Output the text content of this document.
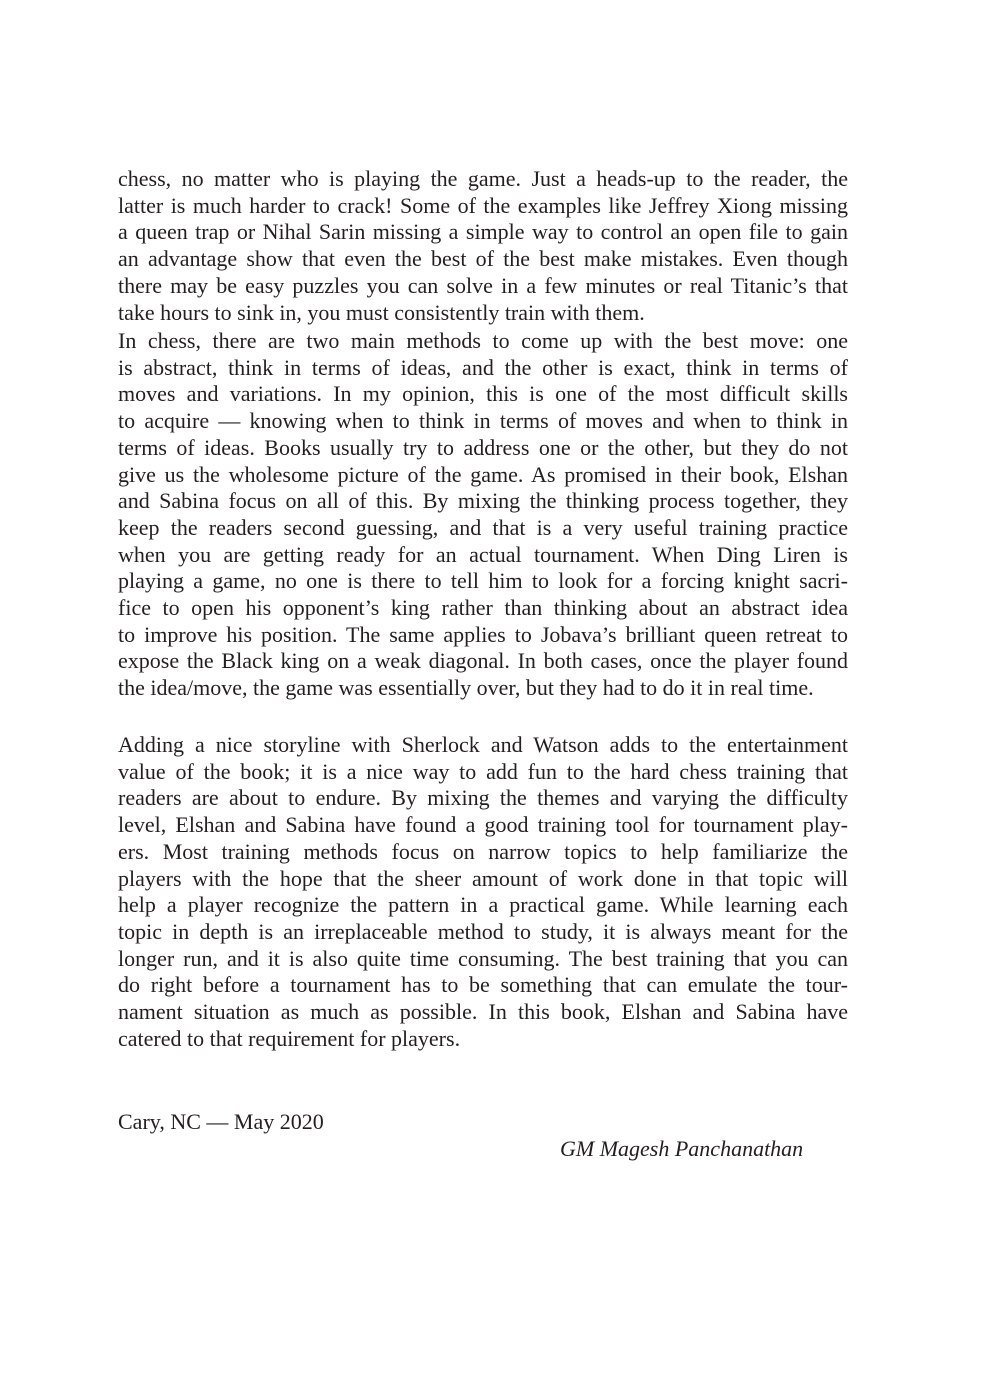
chess, no matter who is playing the game. Just a heads-up to the reader, the
latter is much harder to crack! Some of the examples like Jeffrey Xiong missing
a queen trap or Nihal Sarin missing a simple way to control an open file to gain
an advantage show that even the best of the best make mistakes. Even though
there may be easy puzzles you can solve in a few minutes or real Titanic’s that
take hours to sink in, you must consistently train with them.
In chess, there are two main methods to come up with the best move: one
is abstract, think in terms of ideas, and the other is exact, think in terms of
moves and variations. In my opinion, this is one of the most difficult skills
to acquire — knowing when to think in terms of moves and when to think in
terms of ideas. Books usually try to address one or the other, but they do not
give us the wholesome picture of the game. As promised in their book, Elshan
and Sabina focus on all of this. By mixing the thinking process together, they
keep the readers second guessing, and that is a very useful training practice
when you are getting ready for an actual tournament. When Ding Liren is
playing a game, no one is there to tell him to look for a forcing knight sacri-
fice to open his opponent’s king rather than thinking about an abstract idea
to improve his position. The same applies to Jobava’s brilliant queen retreat to
expose the Black king on a weak diagonal. In both cases, once the player found
the idea/move, the game was essentially over, but they had to do it in real time.
Adding a nice storyline with Sherlock and Watson adds to the entertainment
value of the book; it is a nice way to add fun to the hard chess training that
readers are about to endure. By mixing the themes and varying the difficulty
level, Elshan and Sabina have found a good training tool for tournament play-
ers. Most training methods focus on narrow topics to help familiarize the
players with the hope that the sheer amount of work done in that topic will
help a player recognize the pattern in a practical game. While learning each
topic in depth is an irreplaceable method to study, it is always meant for the
longer run, and it is also quite time consuming. The best training that you can
do right before a tournament has to be something that can emulate the tour-
nament situation as much as possible. In this book, Elshan and Sabina have
catered to that requirement for players.

Cary, NC — May 2020

GM Magesh Panchanathan
